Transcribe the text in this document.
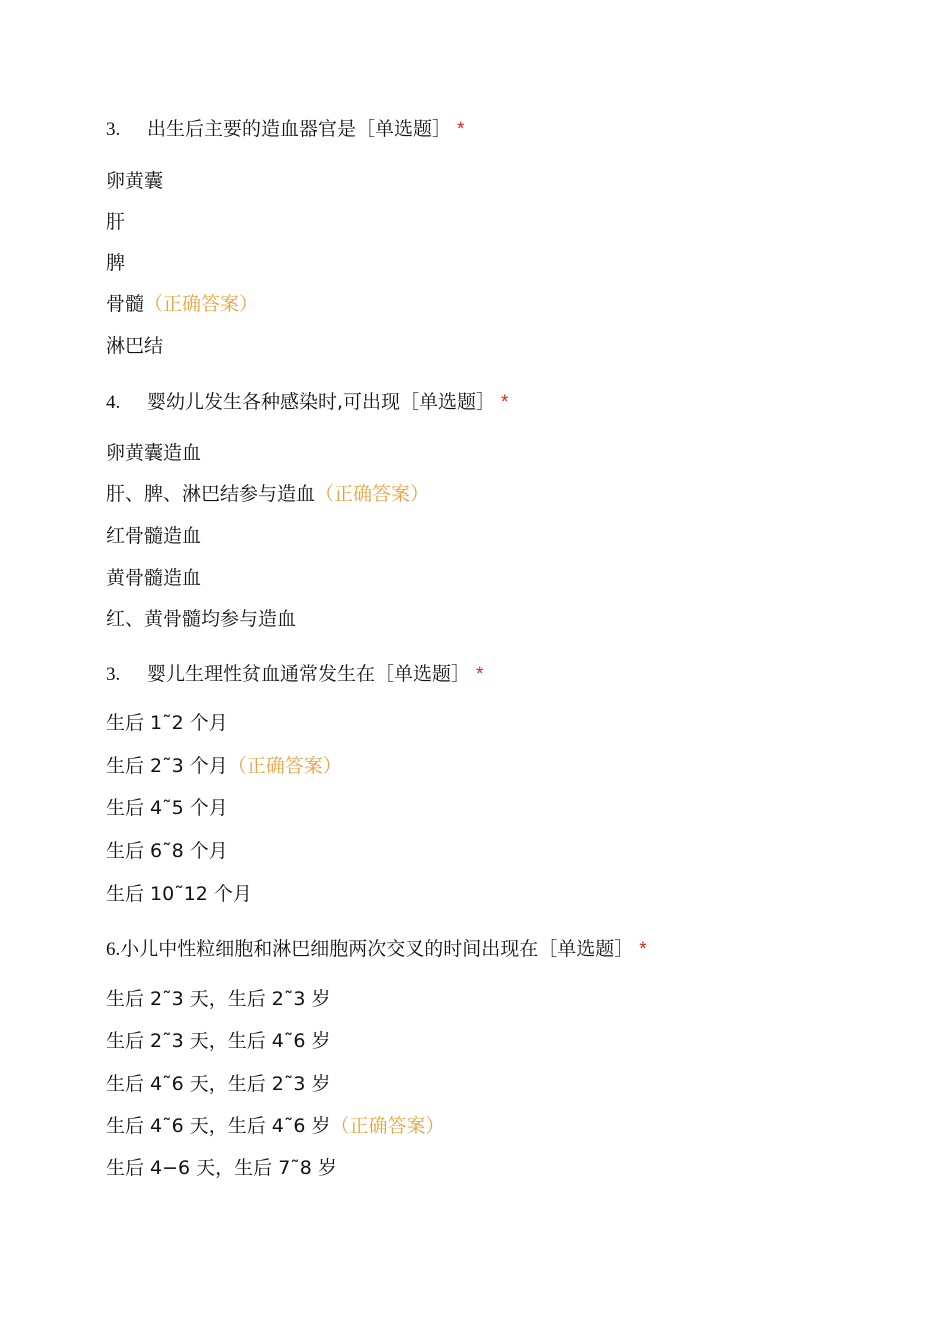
3. 出生后主要的造血器官是［单选题］ *
卵黄囊
肝
脾
骨髓（正确答案）
淋巴结
4. 婴幼儿发生各种感染时,可出现［单选题］ *
卵黄囊造血
肝、脾、淋巴结参与造血（正确答案）
红骨髓造血
黄骨髓造血
红、黄骨髓均参与造血
3. 婴儿生理性贫血通常发生在［单选题］ *
生后 1˜2 个月
生后 2˜3 个月（正确答案）
生后 4˜5 个月
生后 6˜8 个月
生后 10˜12 个月
6.小儿中性粒细胞和淋巴细胞两次交叉的时间出现在［单选题］ *
生后 2˜3 天，生后 2˜3 岁
生后 2˜3 天，生后 4˜6 岁
生后 4˜6 天，生后 2˜3 岁
生后 4˜6 天，生后 4˜6 岁（正确答案）
生后 4−6 天，生后 7˜8 岁
